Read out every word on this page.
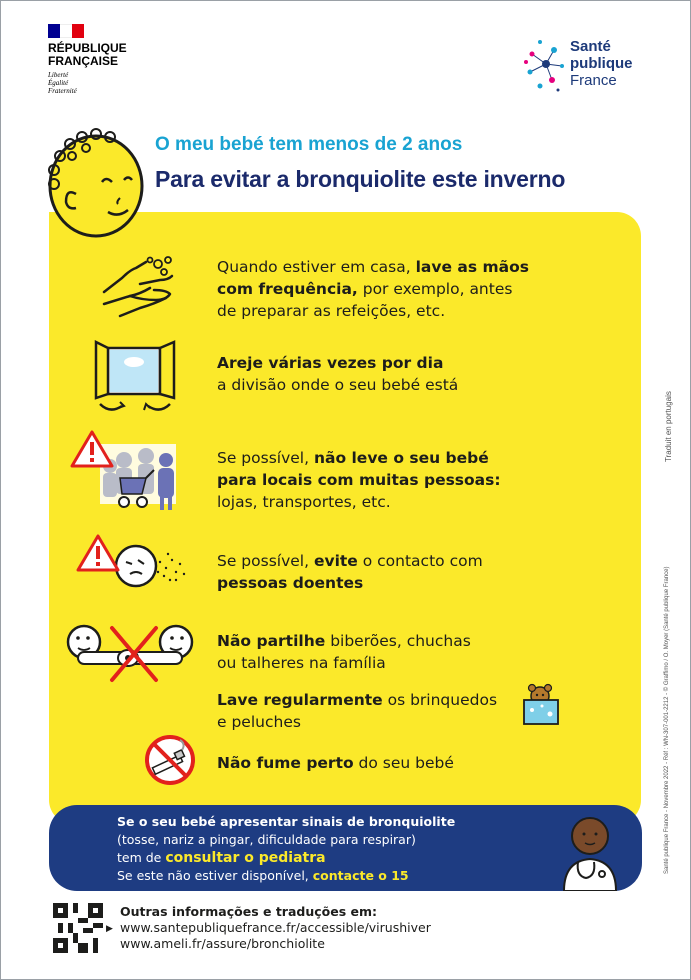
RÉPUBLIQUE
FRANÇAISE
Liberté
Égalité
Fraternité
Santé
publique
France
O meu bebé tem menos de 2 anos
Para evitar a bronquiolite este inverno
Quando estiver em casa, lave as mãos
com frequência, por exemplo, antes
de preparar as refeições, etc.
Areje várias vezes por dia
a divisão onde o seu bebé está
Se possível, não leve o seu bebé
para locais com muitas pessoas:
lojas, transportes, etc.
Se possível, evite o contacto com
pessoas doentes
Não partilhe biberões, chuchas
ou talheres na família
Lave regularmente os brinquedos
e peluches
Não fume perto do seu bebé
Se o seu bebé apresentar sinais de bronquiolite
(tosse, nariz a pingar, dificuldade para respirar)
tem de consultar o pediatra
Se este não estiver disponível, contacte o 15
Outras informações e traduções em:
▶ www.santepubliquefrance.fr/accessible/virushiver
www.ameli.fr/assure/bronchiolite
Traduit en portugais
Santé publique France - Novembre 2022 - Réf : WN-307-001-2212 - © Graffimo / O. Moyer (Santé publique France)
